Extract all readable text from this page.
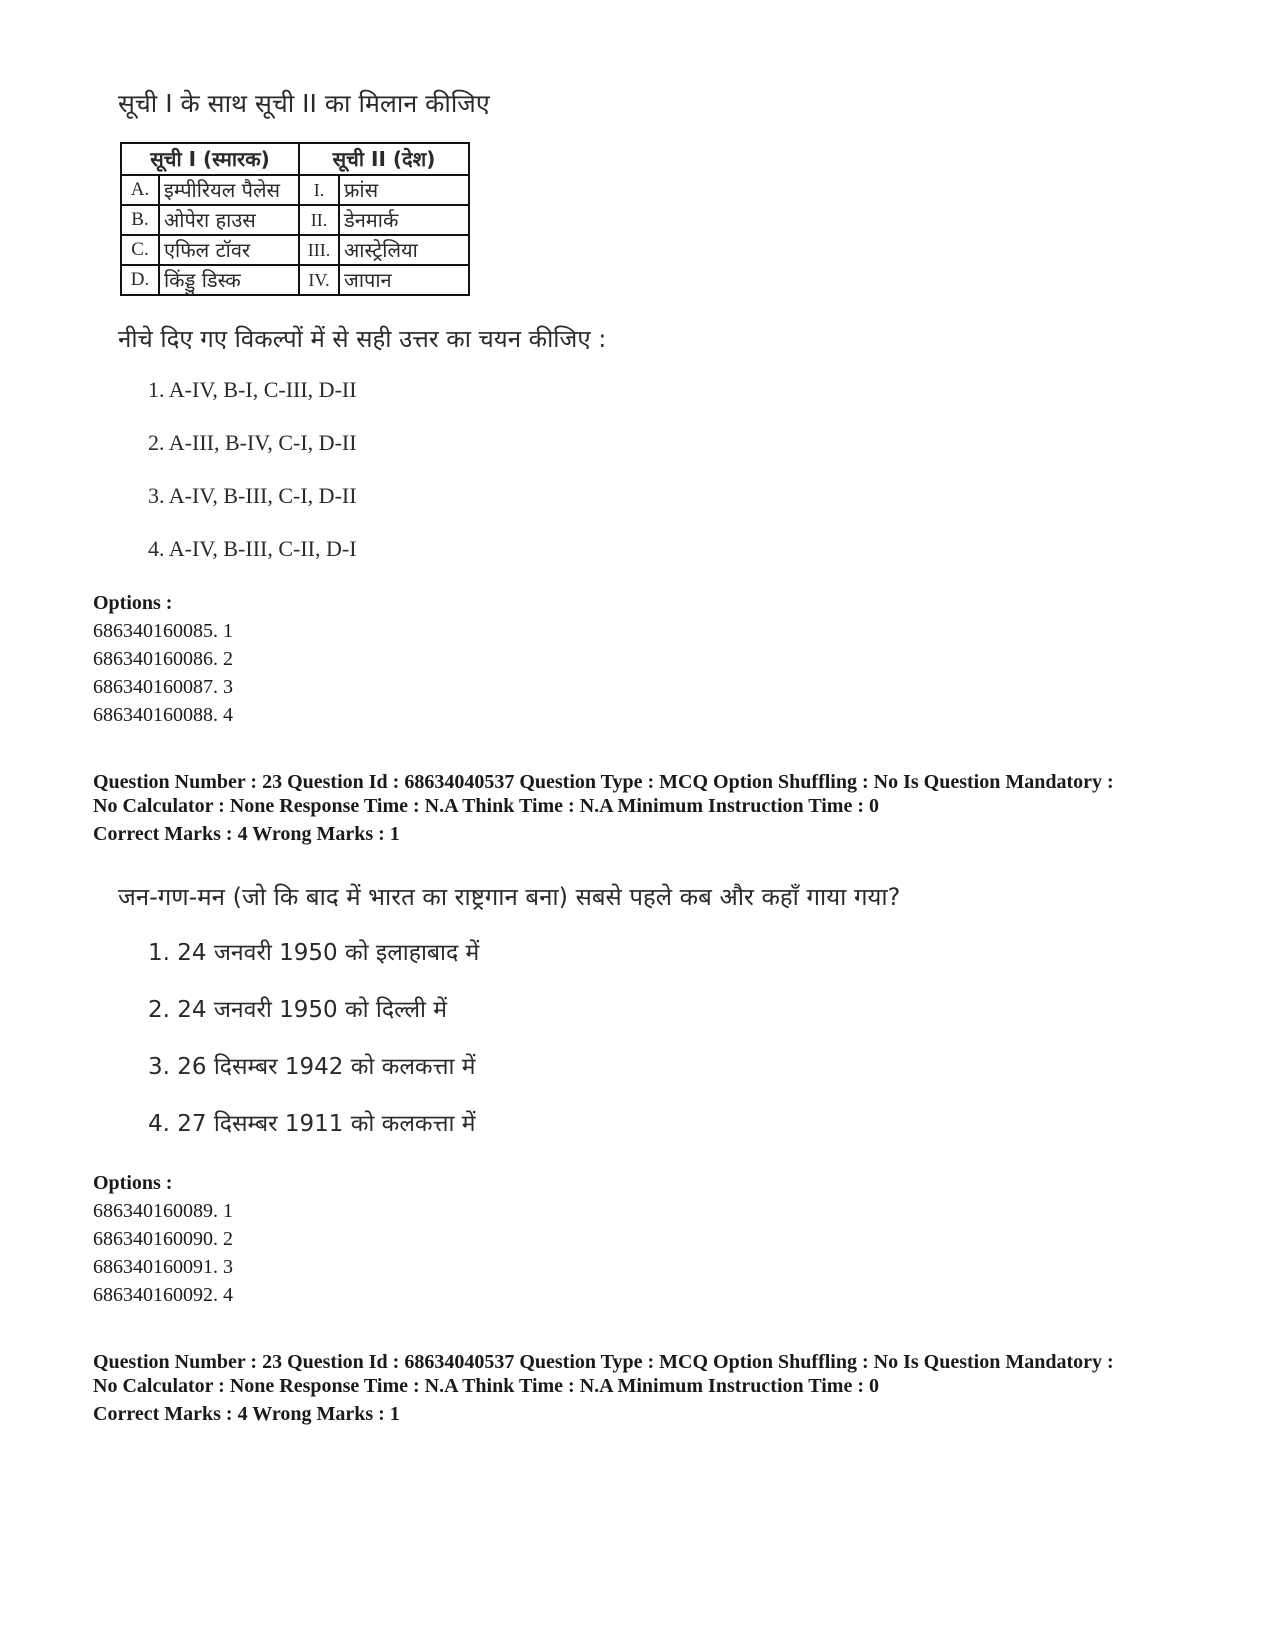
सूची I के साथ सूची II का मिलान कीजिए
सूची I (स्मारक)		सूची II (देश)	
A.	इम्पीरियल पैलेस	I.	फ्रांस
B.	ओपेरा हाउस	II.	डेनमार्क
C.	एफिल टॉवर	III.	आस्ट्रेलिया
D.	किंड्डु डिस्क	IV.	जापान
नीचे दिए गए विकल्पों में से सही उत्तर का चयन कीजिए :
1. A-IV, B-I, C-III, D-II
2. A-III, B-IV, C-I, D-II
3. A-IV, B-III, C-I, D-II
4. A-IV, B-III, C-II, D-I
Options :
686340160085. 1
686340160086. 2
686340160087. 3
686340160088. 4
Question Number : 23 Question Id : 68634040537 Question Type : MCQ Option Shuffling : No Is Question Mandatory :
No Calculator : None Response Time : N.A Think Time : N.A Minimum Instruction Time : 0
Correct Marks : 4 Wrong Marks : 1
जन-गण-मन (जो कि बाद में भारत का राष्ट्रगान बना) सबसे पहले कब और कहाँ गाया गया?
1. 24 जनवरी 1950 को इलाहाबाद में
2. 24 जनवरी 1950 को दिल्ली में
3. 26 दिसम्बर 1942 को कलकत्ता में
4. 27 दिसम्बर 1911 को कलकत्ता में
Options :
686340160089. 1
686340160090. 2
686340160091. 3
686340160092. 4
Question Number : 23 Question Id : 68634040537 Question Type : MCQ Option Shuffling : No Is Question Mandatory :
No Calculator : None Response Time : N.A Think Time : N.A Minimum Instruction Time : 0
Correct Marks : 4 Wrong Marks : 1
